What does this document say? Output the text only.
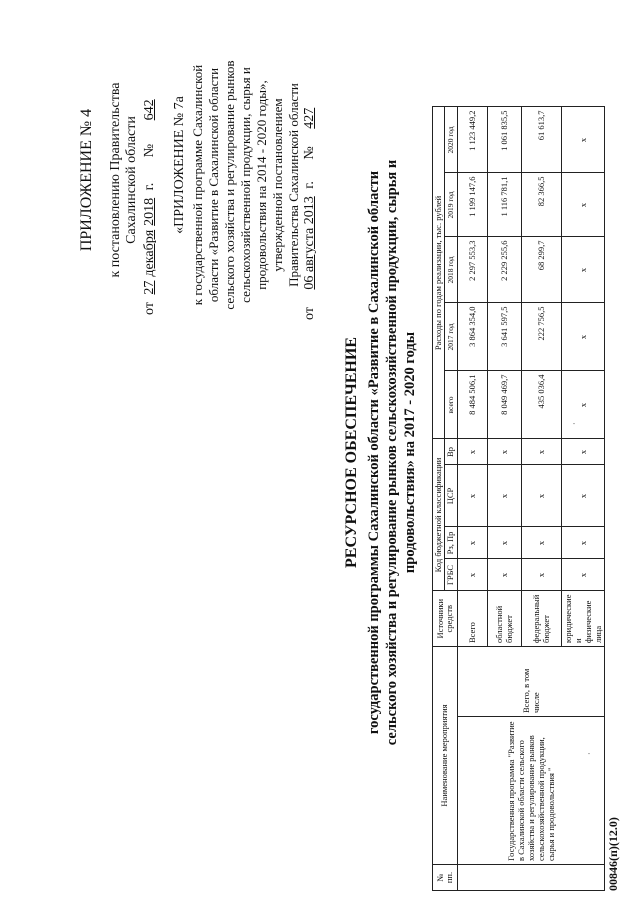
ПРИЛОЖЕНИЕ № 4 к постановлению Правительства Сахалинской области
от 27декабря2018 г. № 642 «ПРИЛОЖЕНИЕ № 7а к государственной программе Сахалинской области «Развитие в Сахалинской области сельского хозяйства и регулирование рынков сельскохозяйственной продукции, сырья и продовольствия на 2014 - 2020 годы», утвержденной постановлением Правительства Сахалинской области
от 06 августа 2013 г. № 427
РЕСУРСНОЕ ОБЕСПЕЧЕНИЕ государственной программы Сахалинской области «Развитие в Сахалинской области сельского хозяйства и регулирование рынков сельскохозяйственной продукции, сырья и продовольствия» на 2017 - 2020 годы
№ пп.	Наименование мероприятия		Источники средств	Код бюджетной классификации				Расходы по годам реализации, тыс. рублей				
				ГРБС	Рз, Пр	ЦСР	Вр	всего	2017 год	2018 год	2019 год	2020 год
	Государственная программа "Развитие в Сахалинской области сельского хозяйства и регулирование рынков сельскохозяйственной продукции, сырья и продовольствия "	Всего, в том числе	Всего	x	x	x	x	8 484 506,1	3 864 354,0	2 297 553,3	1 199 147,6	1 123 449,2
			областной бюджет	x	x	x	x	8 049 469,7	3 641 597,5	2 229 255,6	1 116 781,1	1 061 835,5
			федеральный бюджет	x	x	x	x	435 036,4	222 756,5	68 299,7	82 366,5	61 613,7
			юридические и физические лица	x	x	x	x	x	x	x	x	x
·
·
00846(п)(12.0)
